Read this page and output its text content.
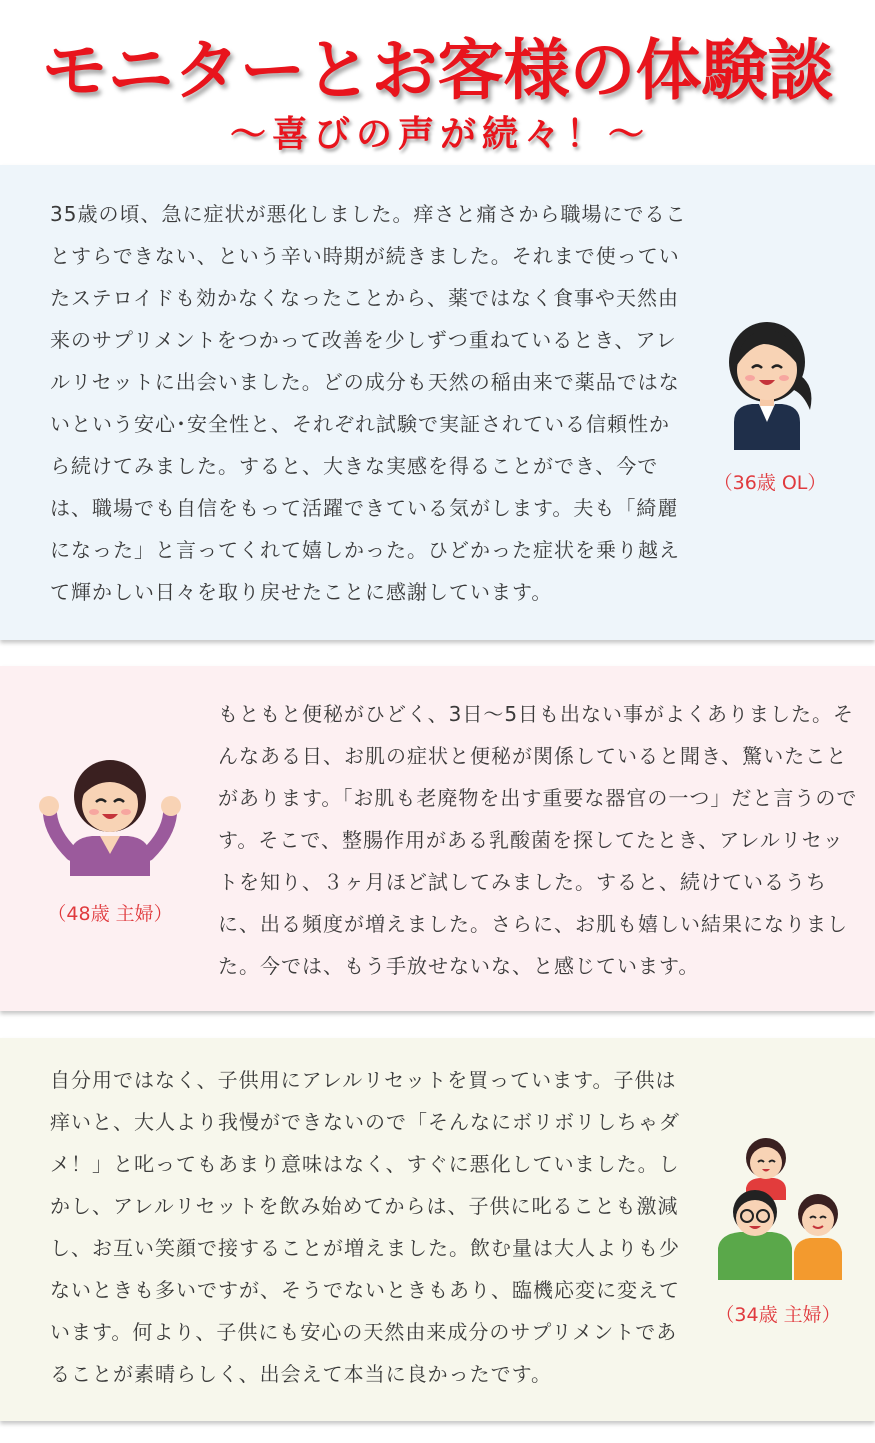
モニターとお客様の体験談
〜喜びの声が続々！〜
35歳の頃、急に症状が悪化しました。痒さと痛さから職場にでることすらできない、という辛い時期が続きました。それまで使っていたステロイドも効かなくなったことから、薬ではなく食事や天然由来のサプリメントをつかって改善を少しずつ重ねているとき、アレルリセットに出会いました。どの成分も天然の稲由来で薬品ではないという安心･安全性と、それぞれ試験で実証されている信頼性から続けてみました。すると、大きな実感を得ることができ、今では、職場でも自信をもって活躍できている気がします。夫も「綺麗になった」と言ってくれて嬉しかった。ひどかった症状を乗り越えて輝かしい日々を取り戻せたことに感謝しています。
（36歳 OL）
（48歳 主婦）
もともと便秘がひどく、3日〜5日も出ない事がよくありました。そんなある日、お肌の症状と便秘が関係していると聞き、驚いたことがあります。「お肌も老廃物を出す重要な器官の一つ」だと言うのです。そこで、整腸作用がある乳酸菌を探してたとき、アレルリセットを知り、３ヶ月ほど試してみました。すると、続けているうちに、出る頻度が増えました。さらに、お肌も嬉しい結果になりました。今では、もう手放せないな、と感じています。
自分用ではなく、子供用にアレルリセットを買っています。子供は痒いと、大人より我慢ができないので「そんなにボリボリしちゃダメ！」と叱ってもあまり意味はなく、すぐに悪化していました。しかし、アレルリセットを飲み始めてからは、子供に叱ることも激減し、お互い笑顔で接することが増えました。飲む量は大人よりも少ないときも多いですが、そうでないときもあり、臨機応変に変えています。何より、子供にも安心の天然由来成分のサプリメントであることが素晴らしく、出会えて本当に良かったです。
（34歳 主婦）
